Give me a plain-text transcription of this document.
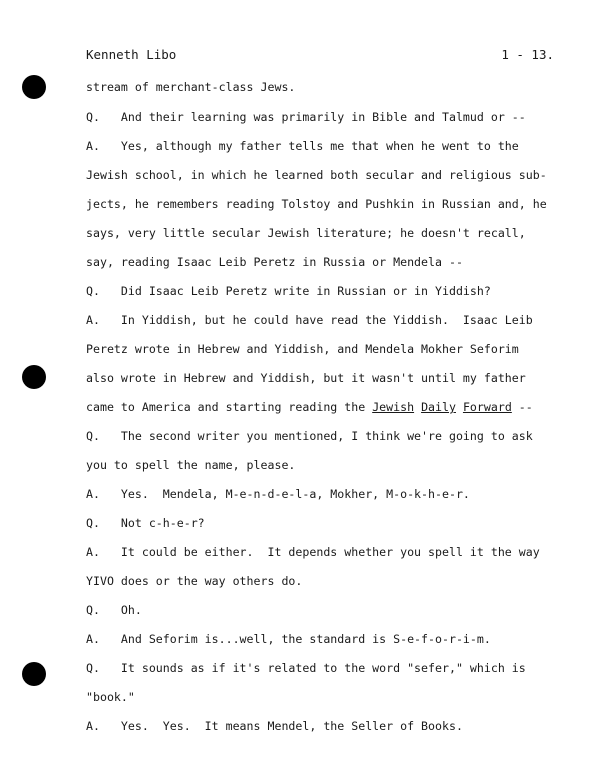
Kenneth Libo	1 - 13.
stream of merchant-class Jews.
Q.   And their learning was primarily in Bible and Talmud or --
A.   Yes, although my father tells me that when he went to the
Jewish school, in which he learned both secular and religious sub-
jects, he remembers reading Tolstoy and Pushkin in Russian and, he
says, very little secular Jewish literature; he doesn't recall,
say, reading Isaac Leib Peretz in Russia or Mendela --
Q.   Did Isaac Leib Peretz write in Russian or in Yiddish?
A.   In Yiddish, but he could have read the Yiddish.  Isaac Leib
Peretz wrote in Hebrew and Yiddish, and Mendela Mokher Seforim
also wrote in Hebrew and Yiddish, but it wasn't until my father
came to America and starting reading the Jewish Daily Forward --
Q.   The second writer you mentioned, I think we're going to ask
you to spell the name, please.
A.   Yes.  Mendela, M-e-n-d-e-l-a, Mokher, M-o-k-h-e-r.
Q.   Not c-h-e-r?
A.   It could be either.  It depends whether you spell it the way
YIVO does or the way others do.
Q.   Oh.
A.   And Seforim is...well, the standard is S-e-f-o-r-i-m.
Q.   It sounds as if it's related to the word "sefer," which is
"book."
A.   Yes.  Yes.  It means Mendel, the Seller of Books.
